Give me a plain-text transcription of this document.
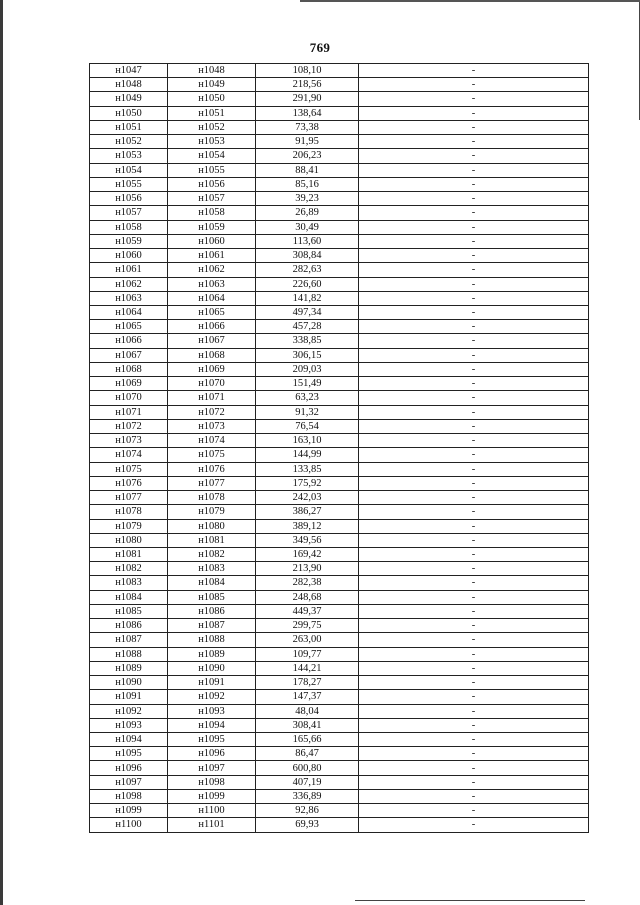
769
н1047	н1048	108,10	-
н1048	н1049	218,56	-
н1049	н1050	291,90	-
н1050	н1051	138,64	-
н1051	н1052	73,38	-
н1052	н1053	91,95	-
н1053	н1054	206,23	-
н1054	н1055	88,41	-
н1055	н1056	85,16	-
н1056	н1057	39,23	-
н1057	н1058	26,89	-
н1058	н1059	30,49	-
н1059	н1060	113,60	-
н1060	н1061	308,84	-
н1061	н1062	282,63	-
н1062	н1063	226,60	-
н1063	н1064	141,82	-
н1064	н1065	497,34	-
н1065	н1066	457,28	-
н1066	н1067	338,85	-
н1067	н1068	306,15	-
н1068	н1069	209,03	-
н1069	н1070	151,49	-
н1070	н1071	63,23	-
н1071	н1072	91,32	-
н1072	н1073	76,54	-
н1073	н1074	163,10	-
н1074	н1075	144,99	-
н1075	н1076	133,85	-
н1076	н1077	175,92	-
н1077	н1078	242,03	-
н1078	н1079	386,27	-
н1079	н1080	389,12	-
н1080	н1081	349,56	-
н1081	н1082	169,42	-
н1082	н1083	213,90	-
н1083	н1084	282,38	-
н1084	н1085	248,68	-
н1085	н1086	449,37	-
н1086	н1087	299,75	-
н1087	н1088	263,00	-
н1088	н1089	109,77	-
н1089	н1090	144,21	-
н1090	н1091	178,27	-
н1091	н1092	147,37	-
н1092	н1093	48,04	-
н1093	н1094	308,41	-
н1094	н1095	165,66	-
н1095	н1096	86,47	-
н1096	н1097	600,80	-
н1097	н1098	407,19	-
н1098	н1099	336,89	-
н1099	н1100	92,86	-
н1100	н1101	69,93	-
